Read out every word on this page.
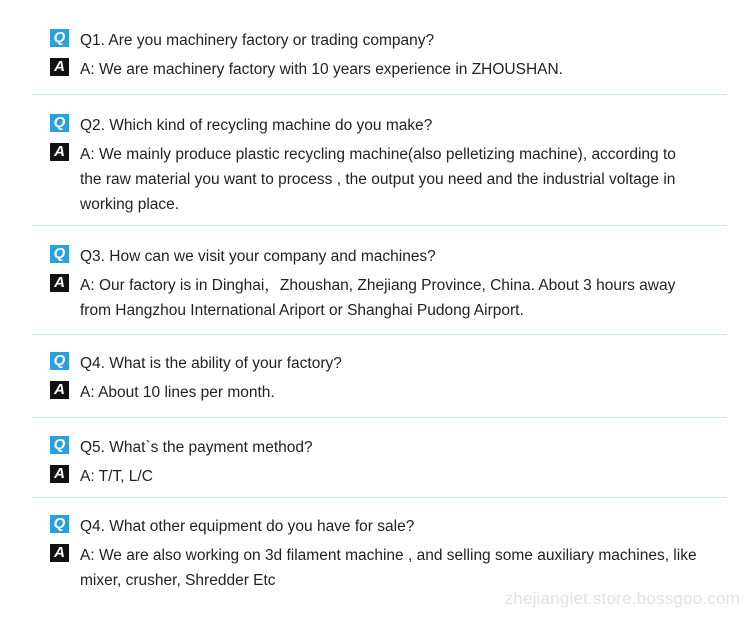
Q Q1. Are you machinery factory or trading company?
A A: We are machinery factory with 10 years experience in ZHOUSHAN.
Q Q2. Which kind of recycling machine do you make?
A A: We mainly produce plastic recycling machine(also pelletizing machine), according to the raw material you want to process , the output you need and the industrial voltage in working place.
Q Q3. How can we visit your company and machines?
A A: Our factory is in Dinghai，Zhoushan, Zhejiang Province, China. About 3 hours away from Hangzhou International Ariport or Shanghai Pudong Airport.
Q Q4. What is the ability of your factory?
A A: About 10 lines per month.
Q Q5. What`s the payment method?
A A: T/T, L/C
Q Q4. What other equipment do you have for sale?
A A: We are also working on 3d filament machine , and selling some auxiliary machines, like mixer, crusher, Shredder Etc
zhejiangiet.store.bossgoo.com
